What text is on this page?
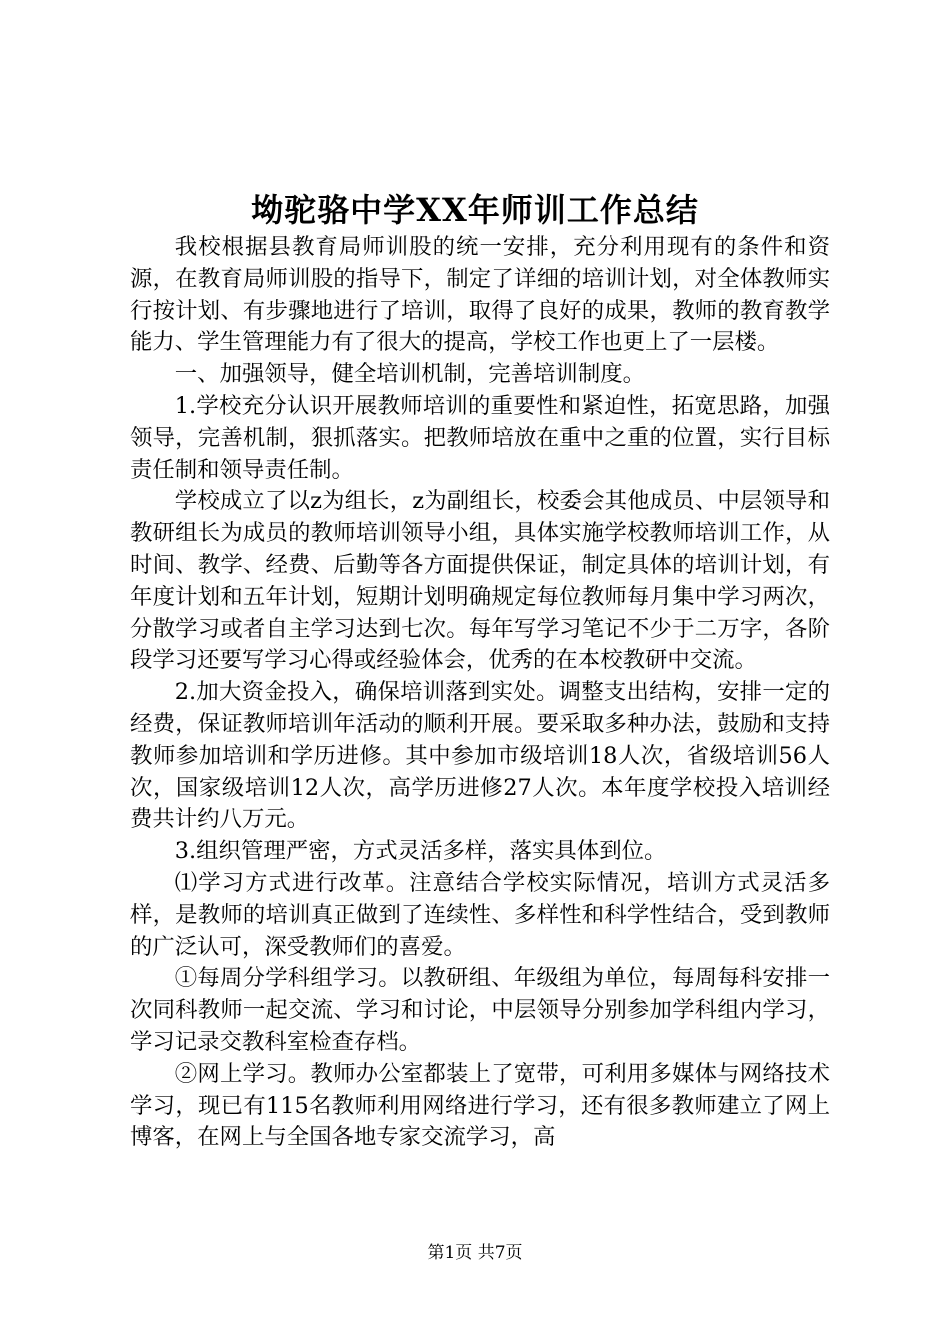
坳驼骆中学XX年师训工作总结

我校根据县教育局师训股的统一安排，充分利用现有的条件和资源，在教育局师训股的指导下，制定了详细的培训计划，对全体教师实行按计划、有步骤地进行了培训，取得了良好的成果，教师的教育教学能力、学生管理能力有了很大的提高，学校工作也更上了一层楼。

一、加强领导，健全培训机制，完善培训制度。

1.学校充分认识开展教师培训的重要性和紧迫性，拓宽思路，加强领导，完善机制，狠抓落实。把教师培放在重中之重的位置，实行目标责任制和领导责任制。

学校成立了以z为组长，z为副组长，校委会其他成员、中层领导和教研组长为成员的教师培训领导小组，具体实施学校教师培训工作，从时间、教学、经费、后勤等各方面提供保证，制定具体的培训计划，有年度计划和五年计划，短期计划明确规定每位教师每月集中学习两次，分散学习或者自主学习达到七次。每年写学习笔记不少于二万字，各阶段学习还要写学习心得或经验体会，优秀的在本校教研中交流。

2.加大资金投入，确保培训落到实处。调整支出结构，安排一定的经费，保证教师培训年活动的顺利开展。要采取多种办法，鼓励和支持教师参加培训和学历进修。其中参加市级培训18人次，省级培训56人次，国家级培训12人次，高学历进修27人次。本年度学校投入培训经费共计约八万元。

3.组织管理严密，方式灵活多样，落实具体到位。

⑴学习方式进行改革。注意结合学校实际情况，培训方式灵活多样，是教师的培训真正做到了连续性、多样性和科学性结合，受到教师的广泛认可，深受教师们的喜爱。

①每周分学科组学习。以教研组、年级组为单位，每周每科安排一次同科教师一起交流、学习和讨论，中层领导分别参加学科组内学习，学习记录交教科室检查存档。

②网上学习。教师办公室都装上了宽带，可利用多媒体与网络技术学习，现已有115名教师利用网络进行学习，还有很多教师建立了网上博客，在网上与全国各地专家交流学习，高

第1页 共7页
